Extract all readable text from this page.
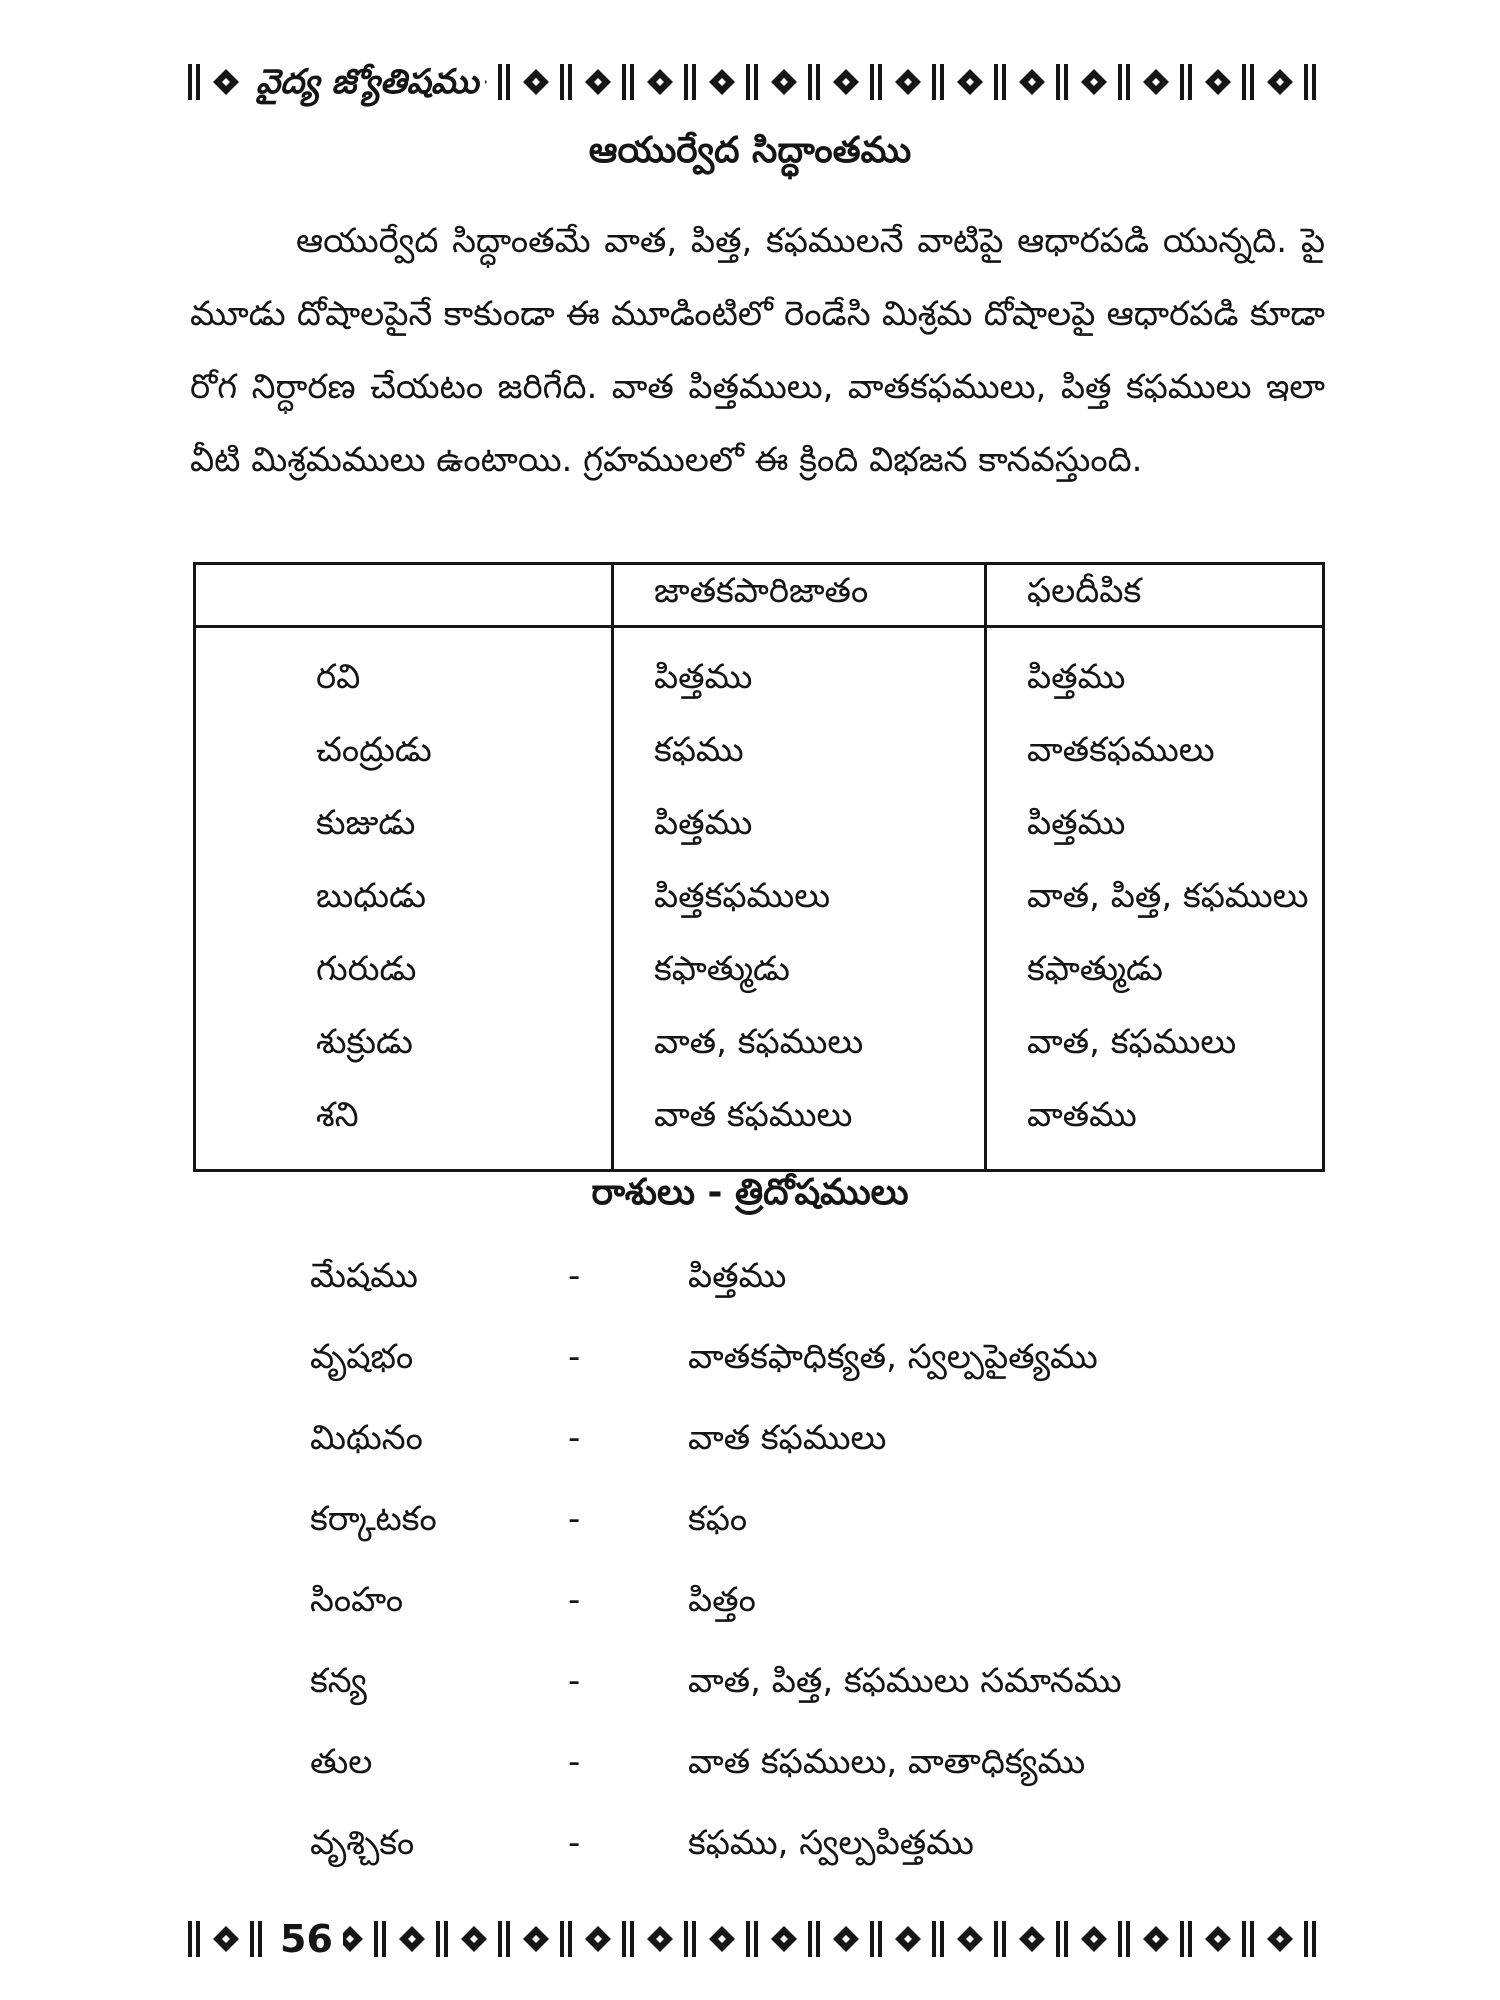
వైద్య జ్యోతిషము
ఆయుర్వేద సిద్ధాంతము

ఆయుర్వేద సిద్ధాంతమే వాత, పిత్త, కఫములనే వాటిపై ఆధారపడి యున్నది. పై మూడు దోషాలపైనే కాకుండా ఈ మూడింటిలో రెండేసి మిశ్రమ దోషాలపై ఆధారపడి కూడా రోగ నిర్ధారణ చేయటం జరిగేది. వాత పిత్తములు, వాతకఫములు, పిత్త కఫములు ఇలా వీటి మిశ్రమములు ఉంటాయి. గ్రహములలో ఈ క్రింది విభజన కానవస్తుంది.

	జాతకపారిజాతం	ఫలదీపిక
రవి	పిత్తము	పిత్తము
చంద్రుడు	కఫము	వాతకఫములు
కుజుడు	పిత్తము	పిత్తము
బుధుడు	పిత్తకఫములు	వాత, పిత్త, కఫములు
గురుడు	కఫాత్ముడు	కఫాత్ముడు
శుక్రుడు	వాత, కఫములు	వాత, కఫములు
శని	వాత కఫములు	వాతము
రాశులు - త్రిదోషములు
మేషము	-	పిత్తము
వృషభం	-	వాతకఫాధిక్యత, స్వల్పపైత్యము
మిథునం	-	వాత కఫములు
కర్కాటకం	-	కఫం
సింహం	-	పిత్తం
కన్య	-	వాత, పిత్త, కఫములు సమానము
తుల	-	వాత కఫములు, వాతాధిక్యము
వృశ్చికం	-	కఫము, స్వల్పపిత్తము
56
